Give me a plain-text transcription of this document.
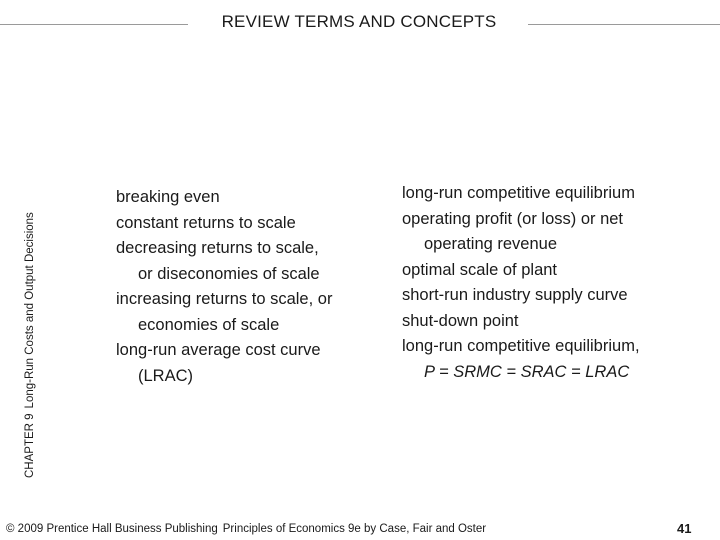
REVIEW TERMS AND CONCEPTS
CHAPTER 9Long-Run Costs and Output Decisions
breaking even
constant returns to scale
decreasing returns to scale,
or diseconomies of scale
increasing returns to scale, or
economies of scale
long-run average cost curve
(LRAC)
long-run competitive equilibrium
operating profit (or loss) or net
operating revenue
optimal scale of plant
short-run industry supply curve
shut-down point
long-run competitive equilibrium,
P = SRMC = SRAC = LRAC
© 2009 Prentice Hall Business Publishing Principles of Economics 9e by Case, Fair and Oster	41
